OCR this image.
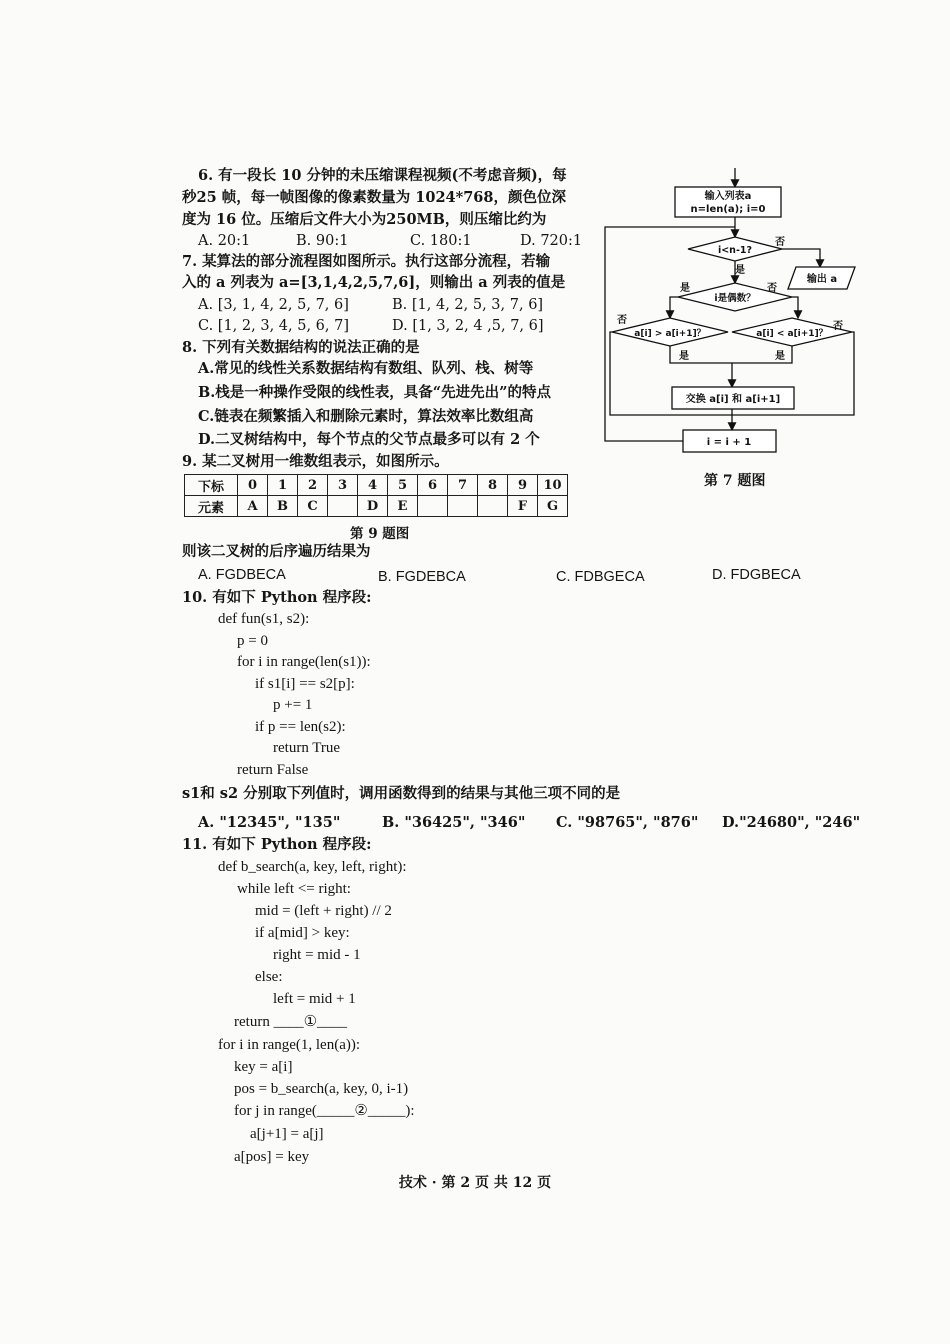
6. 有一段长 10 分钟的未压缩课程视频(不考虑音频)，每
秒25 帧，每一帧图像的像素数量为 1024*768，颜色位深
度为 16 位。压缩后文件大小为250MB，则压缩比约为
A. 20:1	B. 90:1	C. 180:1	D. 720:1
7. 某算法的部分流程图如图所示。执行这部分流程，若输
入的 a 列表为 a=[3,1,4,2,5,7,6]，则输出 a 列表的值是
A. [3, 1, 4, 2, 5, 7, 6]	B. [1, 4, 2, 5, 3, 7, 6]
C. [1, 2, 3, 4, 5, 6, 7]	D. [1, 3, 2, 4 ,5, 7, 6]
8. 下列有关数据结构的说法正确的是
A.常见的线性关系数据结构有数组、队列、栈、树等
B.栈是一种操作受限的线性表，具备“先进先出”的特点
C.链表在频繁插入和删除元素时，算法效率比数组高
D.二叉树结构中，每个节点的父节点最多可以有 2 个
9. 某二叉树用一维数组表示，如图所示。
下标	0	1	2	3	4	5	6	7	8	9	10
元素	A	B	C		D	E				F	G
第 9 题图
则该二叉树的后序遍历结果为
A. FGDBECA	B. FGDEBCA	C. FDBGECA	D. FDGBECA
10. 有如下 Python 程序段:
def fun(s1, s2):
p = 0
for i in range(len(s1)):
if s1[i] == s2[p]:
p += 1
if p == len(s2):
return True
return False
s1和 s2 分别取下列值时，调用函数得到的结果与其他三项不同的是
A. "12345", "135"	B. "36425", "346" C. "98765", "876" D."24680", "246"
11. 有如下 Python 程序段:
def b_search(a, key, left, right):
while left <= right:
mid = (left + right) // 2
if a[mid] > key:
right = mid - 1
else:
left = mid + 1
return ____①____
for i in range(1, len(a)):
key = a[i]
pos = b_search(a, key, 0, i-1)
for j in range(_____②_____):
a[j+1] = a[j]
a[pos] = key
输入列表a
n=len(a); i=0
i<n-1?
否
是
输出 a
i是偶数？
是	否
a[i] > a[i+1]？	a[i] < a[i+1]？
否
否
是	是
交换 a[i] 和 a[i+1]
i = i + 1
第 7 题图
技术 · 第 2 页 共 12 页
